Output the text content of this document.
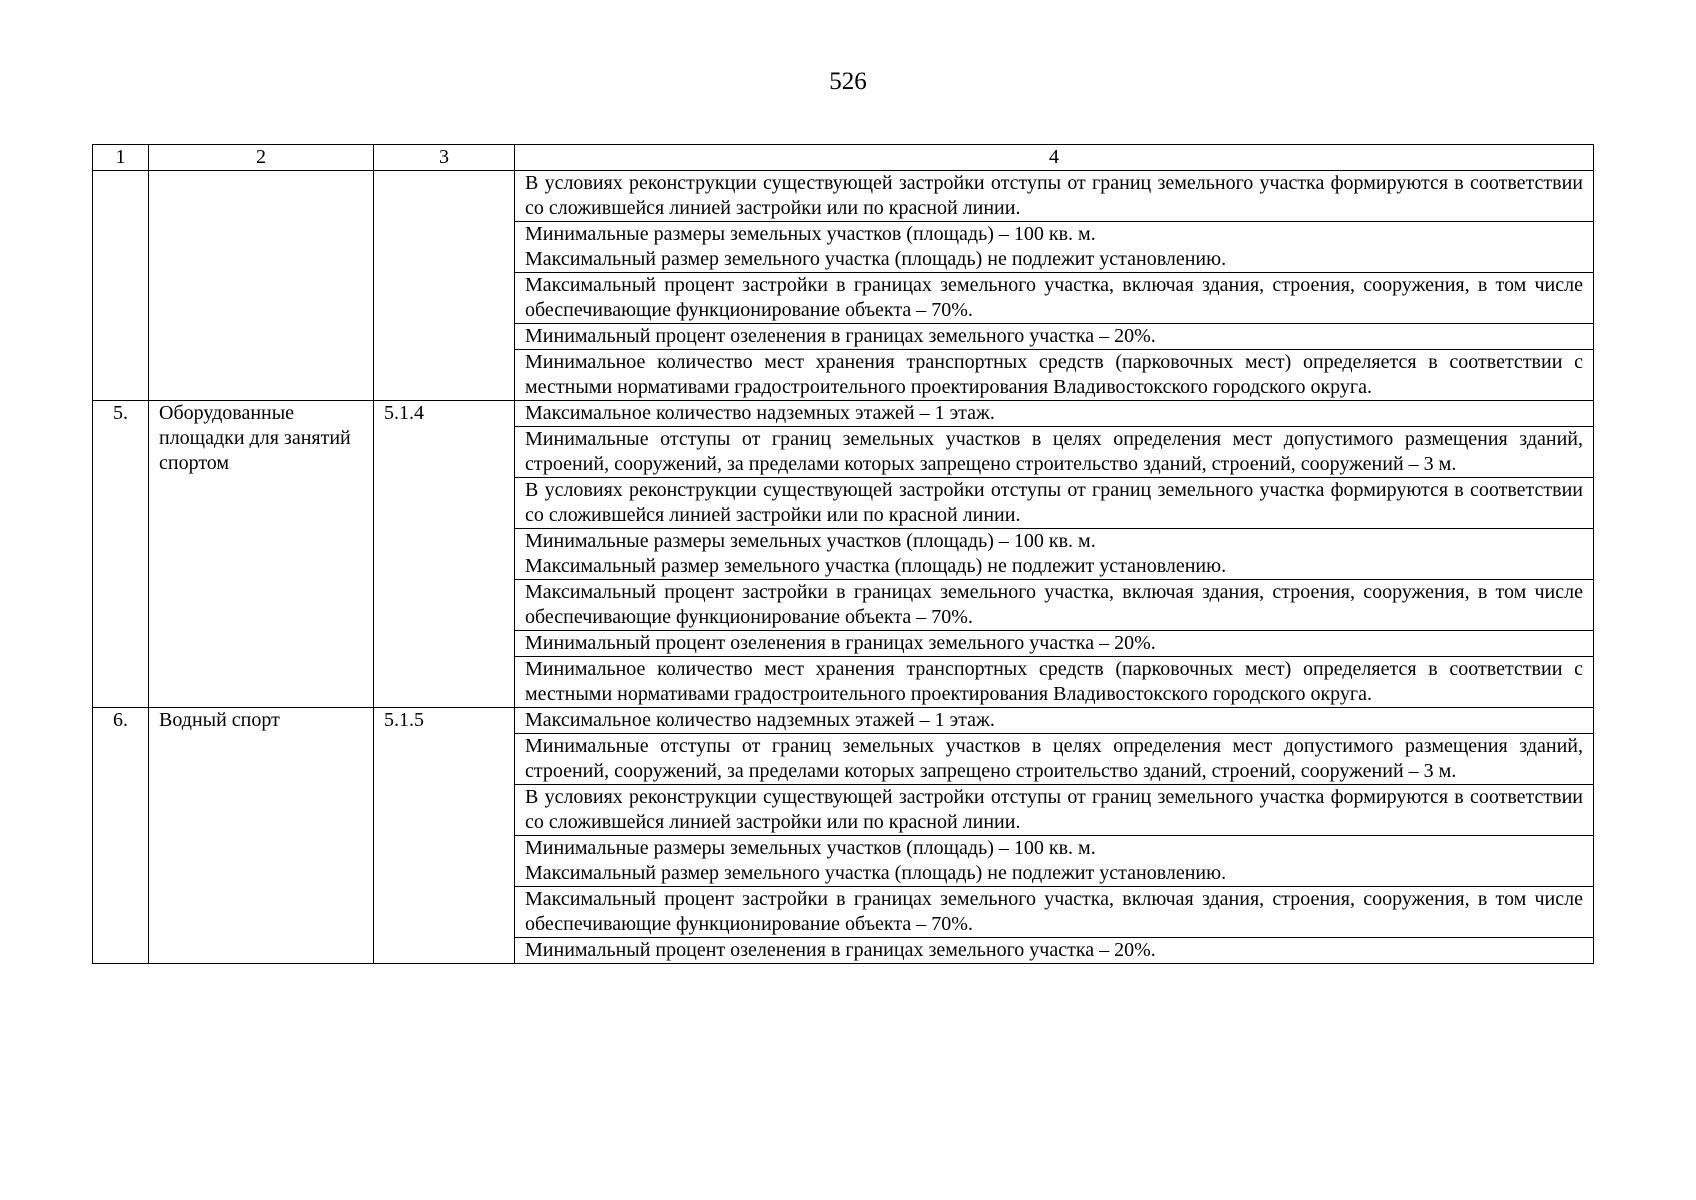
526
1	2	3	4
			В условиях реконструкции существующей застройки отступы от границ земельного участка формируются в соответствии со сложившейся линией застройки или по красной линии.

			Минимальные размеры земельных участков (площадь) – 100 кв. м.
Максимальный размер земельного участка (площадь) не подлежит установлению.

			Максимальный процент застройки в границах земельного участка, включая здания, строения, сооружения, в том числе обеспечивающие функционирование объекта – 70%.
			Минимальный процент озеленения в границах земельного участка – 20%.
			Минимальное количество мест хранения транспортных средств (парковочных мест) определяется в соответствии с местными нормативами градостроительного проектирования Владивостокского городского округа.
5.	Оборудованные площадки для занятий спортом	5.1.4	Максимальное количество надземных этажей – 1 этаж.
			Минимальные отступы от границ земельных участков в целях определения мест допустимого размещения зданий, строений, сооружений, за пределами которых запрещено строительство зданий, строений, сооружений – 3 м.
			В условиях реконструкции существующей застройки отступы от границ земельного участка формируются в соответствии со сложившейся линией застройки или по красной линии.

			Минимальные размеры земельных участков (площадь) – 100 кв. м.
Максимальный размер земельного участка (площадь) не подлежит установлению.

			Максимальный процент застройки в границах земельного участка, включая здания, строения, сооружения, в том числе обеспечивающие функционирование объекта – 70%.
			Минимальный процент озеленения в границах земельного участка – 20%.
			Минимальное количество мест хранения транспортных средств (парковочных мест) определяется в соответствии с местными нормативами градостроительного проектирования Владивостокского городского округа.
6.	Водный спорт	5.1.5	Максимальное количество надземных этажей – 1 этаж.
			Минимальные отступы от границ земельных участков в целях определения мест допустимого размещения зданий, строений, сооружений, за пределами которых запрещено строительство зданий, строений, сооружений – 3 м.
			В условиях реконструкции существующей застройки отступы от границ земельного участка формируются в соответствии со сложившейся линией застройки или по красной линии.

			Минимальные размеры земельных участков (площадь) – 100 кв. м.
Максимальный размер земельного участка (площадь) не подлежит установлению.

			Максимальный процент застройки в границах земельного участка, включая здания, строения, сооружения, в том числе обеспечивающие функционирование объекта – 70%.
			Минимальный процент озеленения в границах земельного участка – 20%.
